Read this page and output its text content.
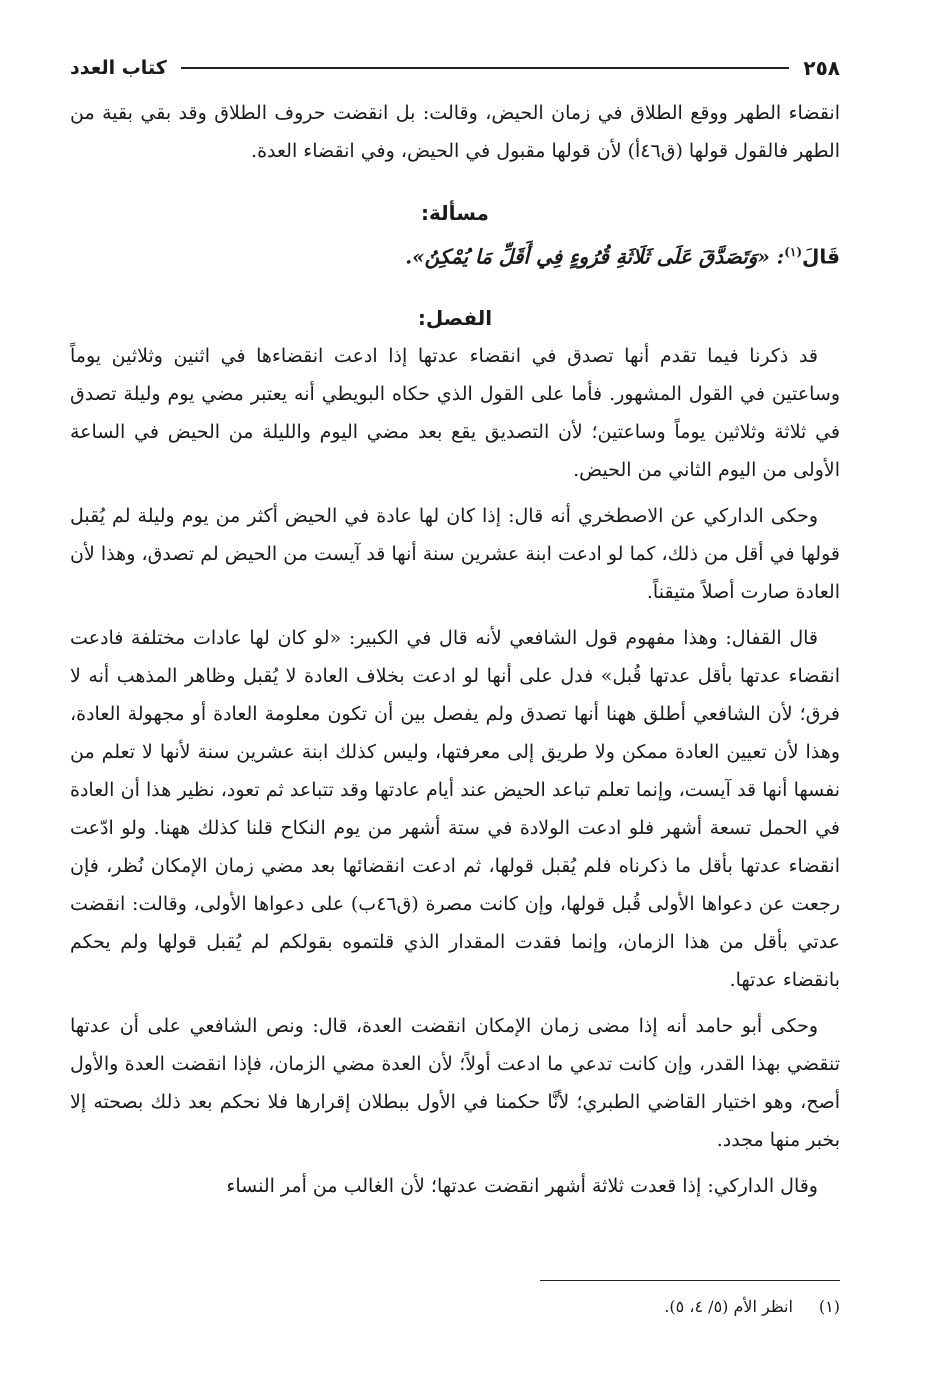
٢٥٨
كتاب العدد

انقضاء الطهر ووقع الطلاق في زمان الحيض، وقالت: بل انقضت حروف الطلاق وقد بقي بقية من الطهر فالقول قولها (ق٤٦أ) لأن قولها مقبول في الحيض، وفي انقضاء العدة.

مسألة:

قَالَ$^{(١)}$: «وَتَصَدَّقَ عَلَى ثَلَاثَةِ قُرُوءٍ فِي أَقَلِّ مَا يُمْكِنُ».

الفصل:

قد ذكرنا فيما تقدم أنها تصدق في انقضاء عدتها إذا ادعت انقضاءها في اثنين وثلاثين يوماً وساعتين في القول المشهور. فأما على القول الذي حكاه البويطي أنه يعتبر مضي يوم وليلة تصدق في ثلاثة وثلاثين يوماً وساعتين؛ لأن التصديق يقع بعد مضي اليوم والليلة من الحيض في الساعة الأولى من اليوم الثاني من الحيض.

وحكى الداركي عن الاصطخري أنه قال: إذا كان لها عادة في الحيض أكثر من يوم وليلة لم يُقبل قولها في أقل من ذلك، كما لو ادعت ابنة عشرين سنة أنها قد آيست من الحيض لم تصدق، وهذا لأن العادة صارت أصلاً متيقناً.

قال القفال: وهذا مفهوم قول الشافعي لأنه قال في الكبير: «لو كان لها عادات مختلفة فادعت انقضاء عدتها بأقل عدتها قُبل» فدل على أنها لو ادعت بخلاف العادة لا يُقبل وظاهر المذهب أنه لا فرق؛ لأن الشافعي أطلق ههنا أنها تصدق ولم يفصل بين أن تكون معلومة العادة أو مجهولة العادة، وهذا لأن تعيين العادة ممكن ولا طريق إلى معرفتها، وليس كذلك ابنة عشرين سنة لأنها لا تعلم من نفسها أنها قد آيست، وإنما تعلم تباعد الحيض عند أيام عادتها وقد تتباعد ثم تعود، نظير هذا أن العادة في الحمل تسعة أشهر فلو ادعت الولادة في ستة أشهر من يوم النكاح قلنا كذلك ههنا. ولو ادّعت انقضاء عدتها بأقل ما ذكرناه فلم يُقبل قولها، ثم ادعت انقضائها بعد مضي زمان الإمكان نُظر، فإن رجعت عن دعواها الأولى قُبل قولها، وإن كانت مصرة (ق٤٦ب) على دعواها الأولى، وقالت: انقضت عدتي بأقل من هذا الزمان، وإنما فقدت المقدار الذي قلتموه بقولكم لم يُقبل قولها ولم يحكم بانقضاء عدتها.

وحكى أبو حامد أنه إذا مضى زمان الإمكان انقضت العدة، قال: ونص الشافعي على أن عدتها تنقضي بهذا القدر، وإن كانت تدعي ما ادعت أولاً؛ لأن العدة مضي الزمان، فإذا انقضت العدة والأول أصح، وهو اختيار القاضي الطبري؛ لأنَّا حكمنا في الأول ببطلان إقرارها فلا نحكم بعد ذلك بصحته إلا بخبر منها مجدد.

وقال الداركي: إذا قعدت ثلاثة أشهر انقضت عدتها؛ لأن الغالب من أمر النساء

(١)انظر الأم (٥/ ٤، ٥).
